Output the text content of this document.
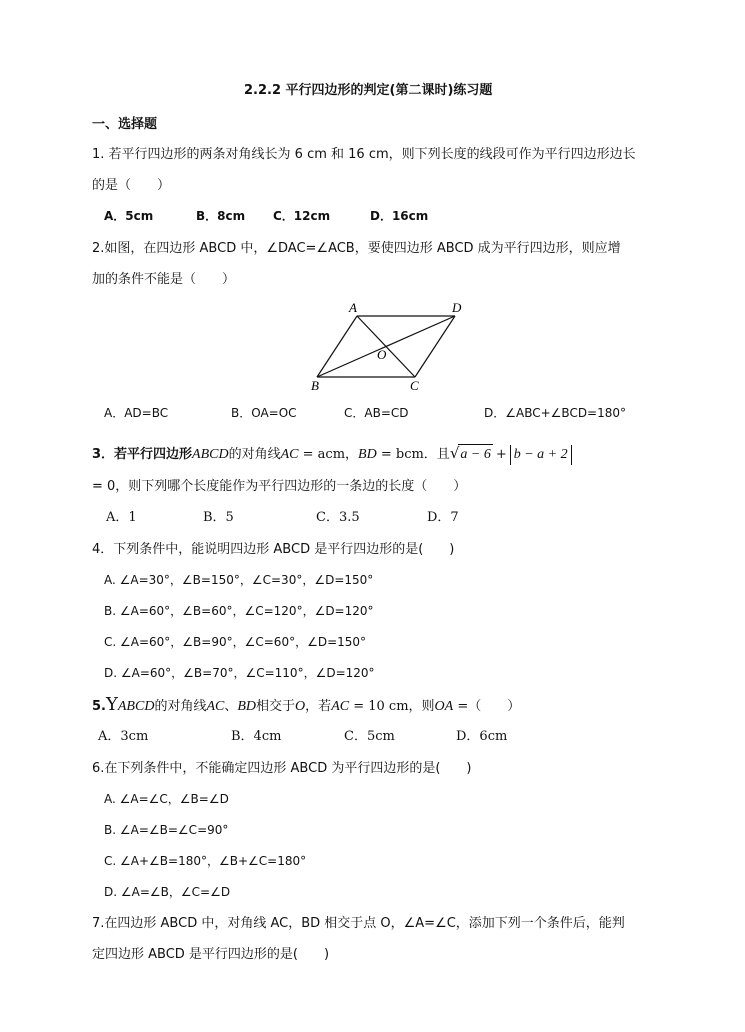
2.2.2 平行四边形的判定(第二课时)练习题
一、选择题
1. 若平行四边形的两条对角线长为 6 cm 和 16 cm，则下列长度的线段可作为平行四边形边长
的是（　　）
A．5cm	B．8cm C．12cm	D．16cm
2.如图，在四边形 ABCD 中，∠DAC=∠ACB，要使四边形 ABCD 成为平行四边形，则应增
加的条件不能是（　　）
A	D
B	C
O
A．AD=BC	B．OA=OC	C．AB=CD	D．∠ABC+∠BCD=180°
3．若平行四边形ABCD的对角线AC = acm，BD = bcm．且√a − 6 + b − a + 2
= 0，则下列哪个长度能作为平行四边形的一条边的长度（　　）
A．1	B．5	C．3.5	D．7
4．下列条件中，能说明四边形 ABCD 是平行四边形的是(　　)
A. ∠A=30°，∠B=150°，∠C=30°，∠D=150°
B. ∠A=60°，∠B=60°，∠C=120°，∠D=120°
C. ∠A=60°，∠B=90°，∠C=60°，∠D=150°
D. ∠A=60°，∠B=70°，∠C=110°，∠D=120°
5.YABCD的对角线AC、BD相交于O，若AC = 10 cm，则OA =（　　）
A．3cm	B．4cm	C．5cm	D．6cm
6.在下列条件中，不能确定四边形 ABCD 为平行四边形的是(　　)
A. ∠A=∠C，∠B=∠D
B. ∠A=∠B=∠C=90°
C. ∠A+∠B=180°，∠B+∠C=180°
D. ∠A=∠B，∠C=∠D
7.在四边形 ABCD 中，对角线 AC，BD 相交于点 O，∠A=∠C，添加下列一个条件后，能判
定四边形 ABCD 是平行四边形的是(　　)
